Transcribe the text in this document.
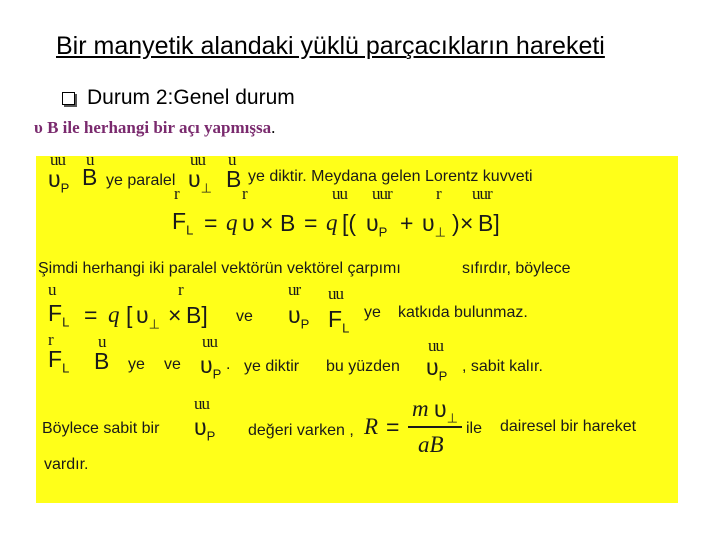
Bir manyetik alandaki yüklü parçacıkların hareketi
Durum 2:Genel durum
υ B ile herhangi bir açı yapmışsa.
uu u	uu u
$\upsilon_P$ B ye paralel $\upsilon_\perp$ B ye diktir. Meydana gelen Lorentz kuvveti
r	r	uu uur	r uur
$F_L = q$ υ × B = q [( $\upsilon_P + \upsilon_\perp$ ) × B]
Şimdi herhangi iki paralel vektörün vektörel çarpımı	sıfırdır, böylece
u	r	ur uu
$F_L = q$ [ $\upsilon_\perp \times B$] ve $\upsilon_P$ $F_L$
ye katkıda bulunmaz.
r	u	uu	uu
$F_L$ B ye ve $\upsilon_P$
. ye diktir bu yüzden $\upsilon_P$
, sabit kalır.
uu
Böylece sabit bir $\upsilon_P$ değeri varken , R =
m $\upsilon_\perp$
aB
ile dairesel bir hareket
vardır.
